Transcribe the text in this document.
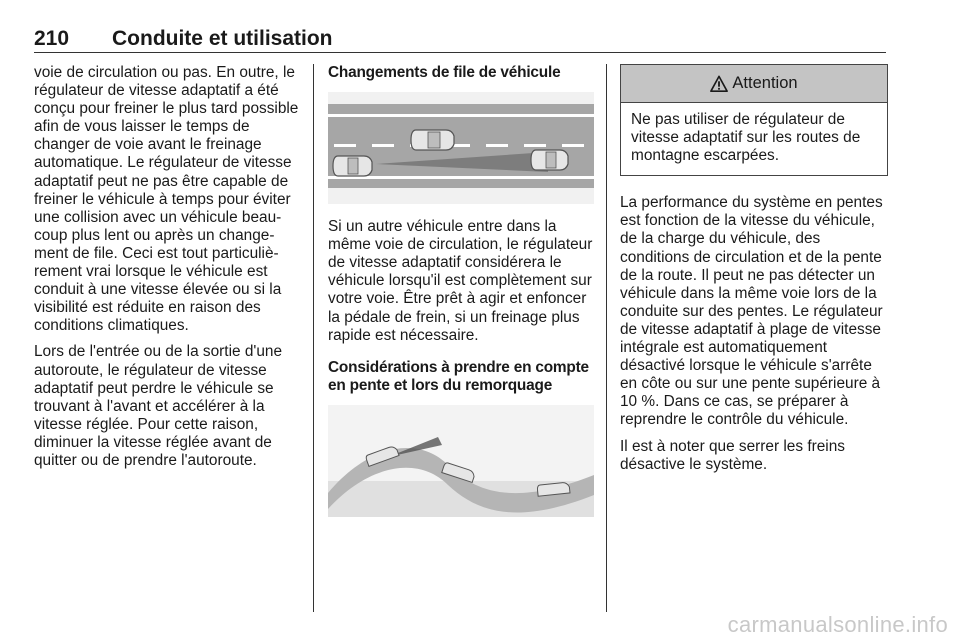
210 Conduite et utilisation

voie de circulation ou pas. En outre, le régulateur de vitesse adaptatif a été conçu pour freiner le plus tard possible afin de vous laisser le temps de changer de voie avant le freinage automatique. Le régulateur de vitesse adaptatif peut ne pas être capable de freiner le véhicule à temps pour éviter une collision avec un véhicule beaucoup plus lent ou après un changement de file. Ceci est tout particulièrement vrai lorsque le véhicule est conduit à une vitesse élevée ou si la visibilité est réduite en raison des conditions climatiques.

Lors de l'entrée ou de la sortie d'une autoroute, le régulateur de vitesse adaptatif peut perdre le véhicule se trouvant à l'avant et accélérer à la vitesse réglée. Pour cette raison, diminuer la vitesse réglée avant de quitter ou de prendre l'autoroute.

Changements de file de véhicule

Si un autre véhicule entre dans la même voie de circulation, le régulateur de vitesse adaptatif considérera le véhicule lorsqu'il est complètement sur votre voie. Être prêt à agir et enfoncer la pédale de frein, si un freinage plus rapide est nécessaire.

Considérations à prendre en compte en pente et lors du remorquage
Attention
Ne pas utiliser de régulateur de vitesse adaptatif sur les routes de montagne escarpées.

La performance du système en pentes est fonction de la vitesse du véhicule, de la charge du véhicule, des conditions de circulation et de la pente de la route. Il peut ne pas détecter un véhicule dans la même voie lors de la conduite sur des pentes. Le régulateur de vitesse adaptatif à plage de vitesse intégrale est automatiquement désactivé lorsque le véhicule s'arrête en côte ou sur une pente supérieure à 10 %. Dans ce cas, se préparer à reprendre le contrôle du véhicule.

Il est à noter que serrer les freins désactive le système.

carmanualsonline.info
